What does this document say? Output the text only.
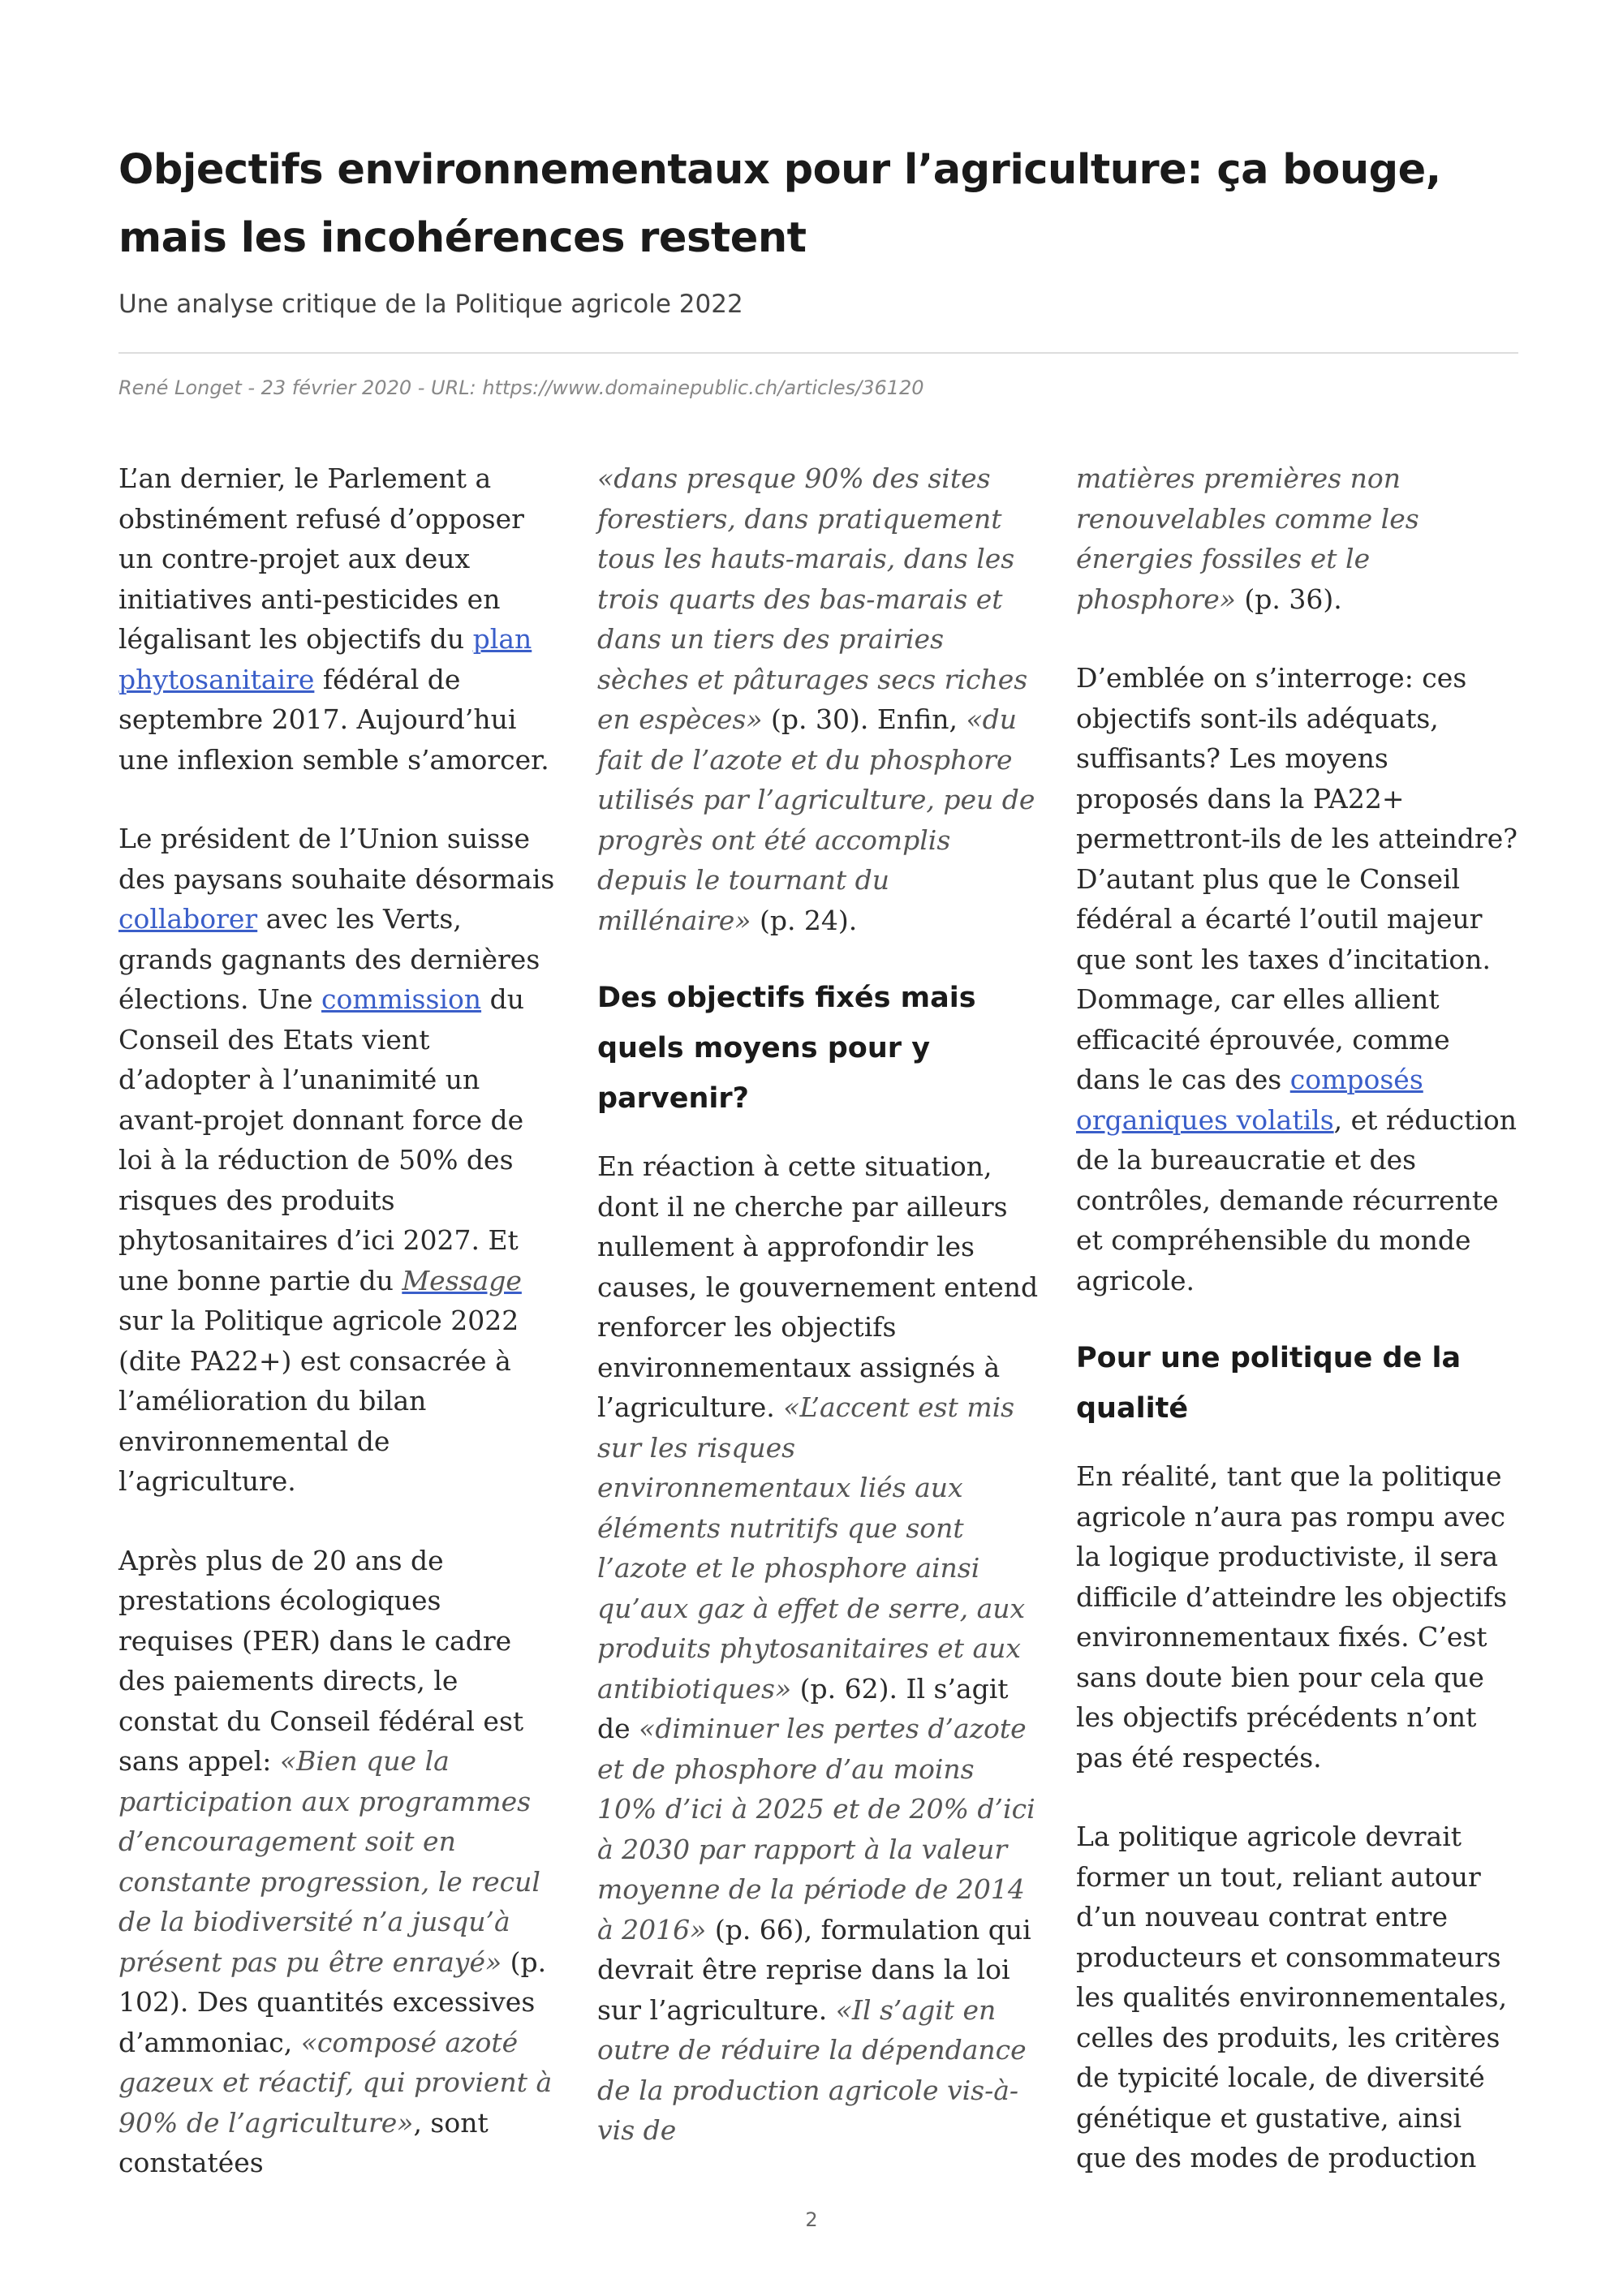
Objectifs environnementaux pour l’agriculture: ça bouge, mais les incohérences restent
Une analyse critique de la Politique agricole 2022
René Longet - 23 février 2020 - URL: https://www.domainepublic.ch/articles/36120

L’an dernier, le Parlement a obstinément refusé d’opposer un contre-projet aux deux initiatives anti-pesticides en légalisant les objectifs du plan phytosanitaire fédéral de septembre 2017. Aujourd’hui une inflexion semble s’amorcer.

Le président de l’Union suisse des paysans souhaite désormais collaborer avec les Verts, grands gagnants des dernières élections. Une commission du Conseil des Etats vient d’adopter à l’unanimité un avant-projet donnant force de loi à la réduction de 50% des risques des produits phytosanitaires d’ici 2027. Et une bonne partie du Message sur la Politique agricole 2022 (dite PA22+) est consacrée à l’amélioration du bilan environnemental de l’agriculture.

Après plus de 20 ans de prestations écologiques requises (PER) dans le cadre des paiements directs, le constat du Conseil fédéral est sans appel: «Bien que la participation aux programmes d’encouragement soit en constante progression, le recul de la biodiversité n’a jusqu’à présent pas pu être enrayé» (p. 102). Des quantités excessives d’ammoniac, «composé azoté gazeux et réactif, qui provient à 90% de l’agriculture», sont constatées

«dans presque 90% des sites forestiers, dans pratiquement tous les hauts-marais, dans les trois quarts des bas-marais et dans un tiers des prairies sèches et pâturages secs riches en espèces» (p. 30). Enfin, «du fait de l’azote et du phosphore utilisés par l’agriculture, peu de progrès ont été accomplis depuis le tournant du millénaire» (p. 24).

Des objectifs fixés mais quels moyens pour y parvenir?

En réaction à cette situation, dont il ne cherche par ailleurs nullement à approfondir les causes, le gouvernement entend renforcer les objectifs environnementaux assignés à l’agriculture. «L’accent est mis sur les risques environnementaux liés aux éléments nutritifs que sont l’azote et le phosphore ainsi qu’aux gaz à effet de serre, aux produits phytosanitaires et aux antibiotiques» (p. 62). Il s’agit de «diminuer les pertes d’azote et de phosphore d’au moins 10% d’ici à 2025 et de 20% d’ici à 2030 par rapport à la valeur moyenne de la période de 2014 à 2016» (p. 66), formulation qui devrait être reprise dans la loi sur l’agriculture. «Il s’agit en outre de réduire la dépendance de la production agricole vis-à-vis de

matières premières non renouvelables comme les énergies fossiles et le phosphore» (p. 36).

D’emblée on s’interroge: ces objectifs sont-ils adéquats, suffisants? Les moyens proposés dans la PA22+ permettront-ils de les atteindre? D’autant plus que le Conseil fédéral a écarté l’outil majeur que sont les taxes d’incitation. Dommage, car elles allient efficacité éprouvée, comme dans le cas des composés organiques volatils, et réduction de la bureaucratie et des contrôles, demande récurrente et compréhensible du monde agricole.

Pour une politique de la qualité

En réalité, tant que la politique agricole n’aura pas rompu avec la logique productiviste, il sera difficile d’atteindre les objectifs environnementaux fixés. C’est sans doute bien pour cela que les objectifs précédents n’ont pas été respectés.

La politique agricole devrait former un tout, reliant autour d’un nouveau contrat entre producteurs et consommateurs les qualités environnementales, celles des produits, les critères de typicité locale, de diversité génétique et gustative, ainsi que des modes de production

2
